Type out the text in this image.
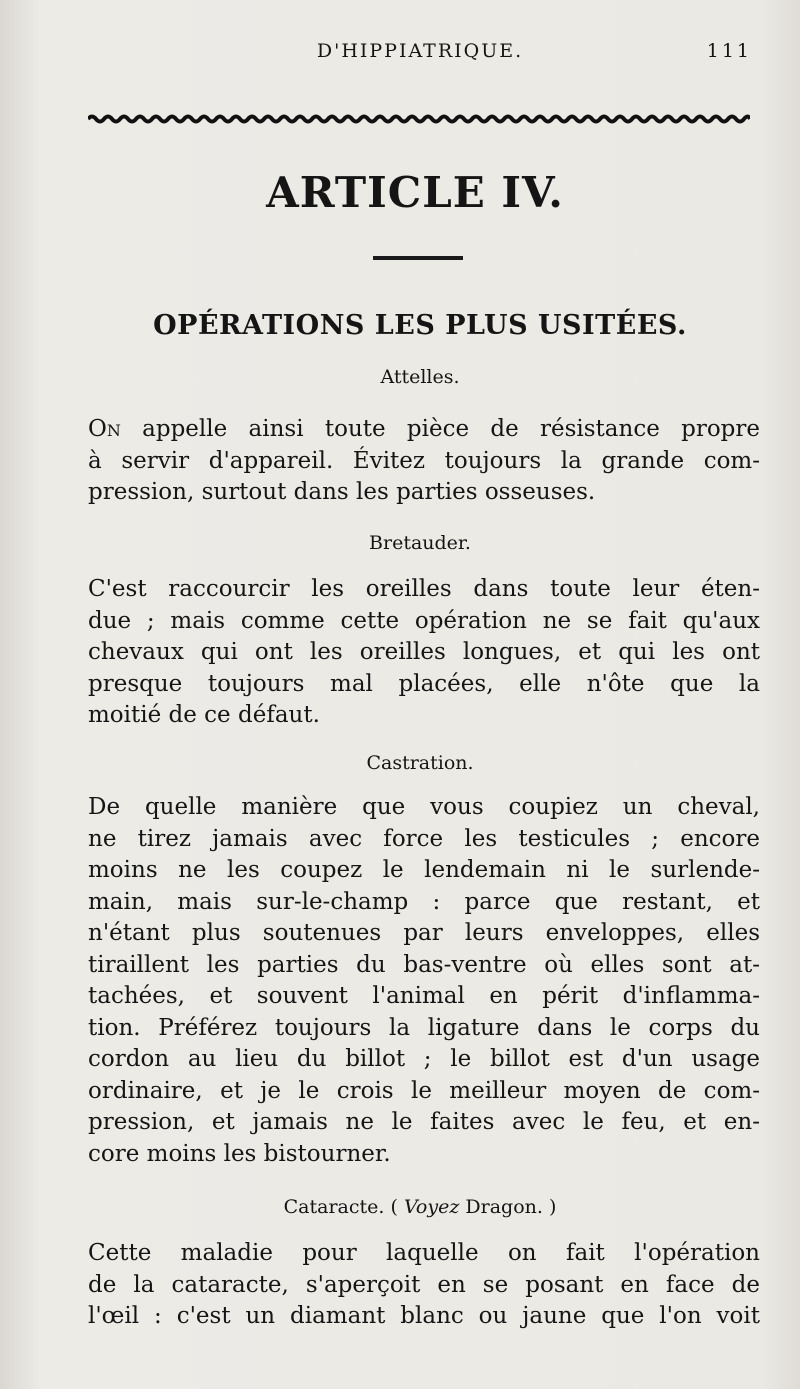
D'HIPPIATRIQUE.	111
ARTICLE IV.
OPÉRATIONS LES PLUS USITÉES.
Attelles.
On appelle ainsi toute pièce de résistance propre
à servir d'appareil. Évitez toujours la grande com-
pression, surtout dans les parties osseuses.
Bretauder.
C'est raccourcir les oreilles dans toute leur éten-
due ; mais comme cette opération ne se fait qu'aux
chevaux qui ont les oreilles longues, et qui les ont
presque toujours mal placées, elle n'ôte que la
moitié de ce défaut.
Castration.
De quelle manière que vous coupiez un cheval,
ne tirez jamais avec force les testicules ; encore
moins ne les coupez le lendemain ni le surlende-
main, mais sur-le-champ : parce que restant, et
n'étant plus soutenues par leurs enveloppes, elles
tiraillent les parties du bas-ventre où elles sont at-
tachées, et souvent l'animal en périt d'inflamma-
tion. Préférez toujours la ligature dans le corps du
cordon au lieu du billot ; le billot est d'un usage
ordinaire, et je le crois le meilleur moyen de com-
pression, et jamais ne le faites avec le feu, et en-
core moins les bistourner.
Cataracte. ( Voyez Dragon. )
Cette maladie pour laquelle on fait l'opération
de la cataracte, s'aperçoit en se posant en face de
l'œil : c'est un diamant blanc ou jaune que l'on voit
